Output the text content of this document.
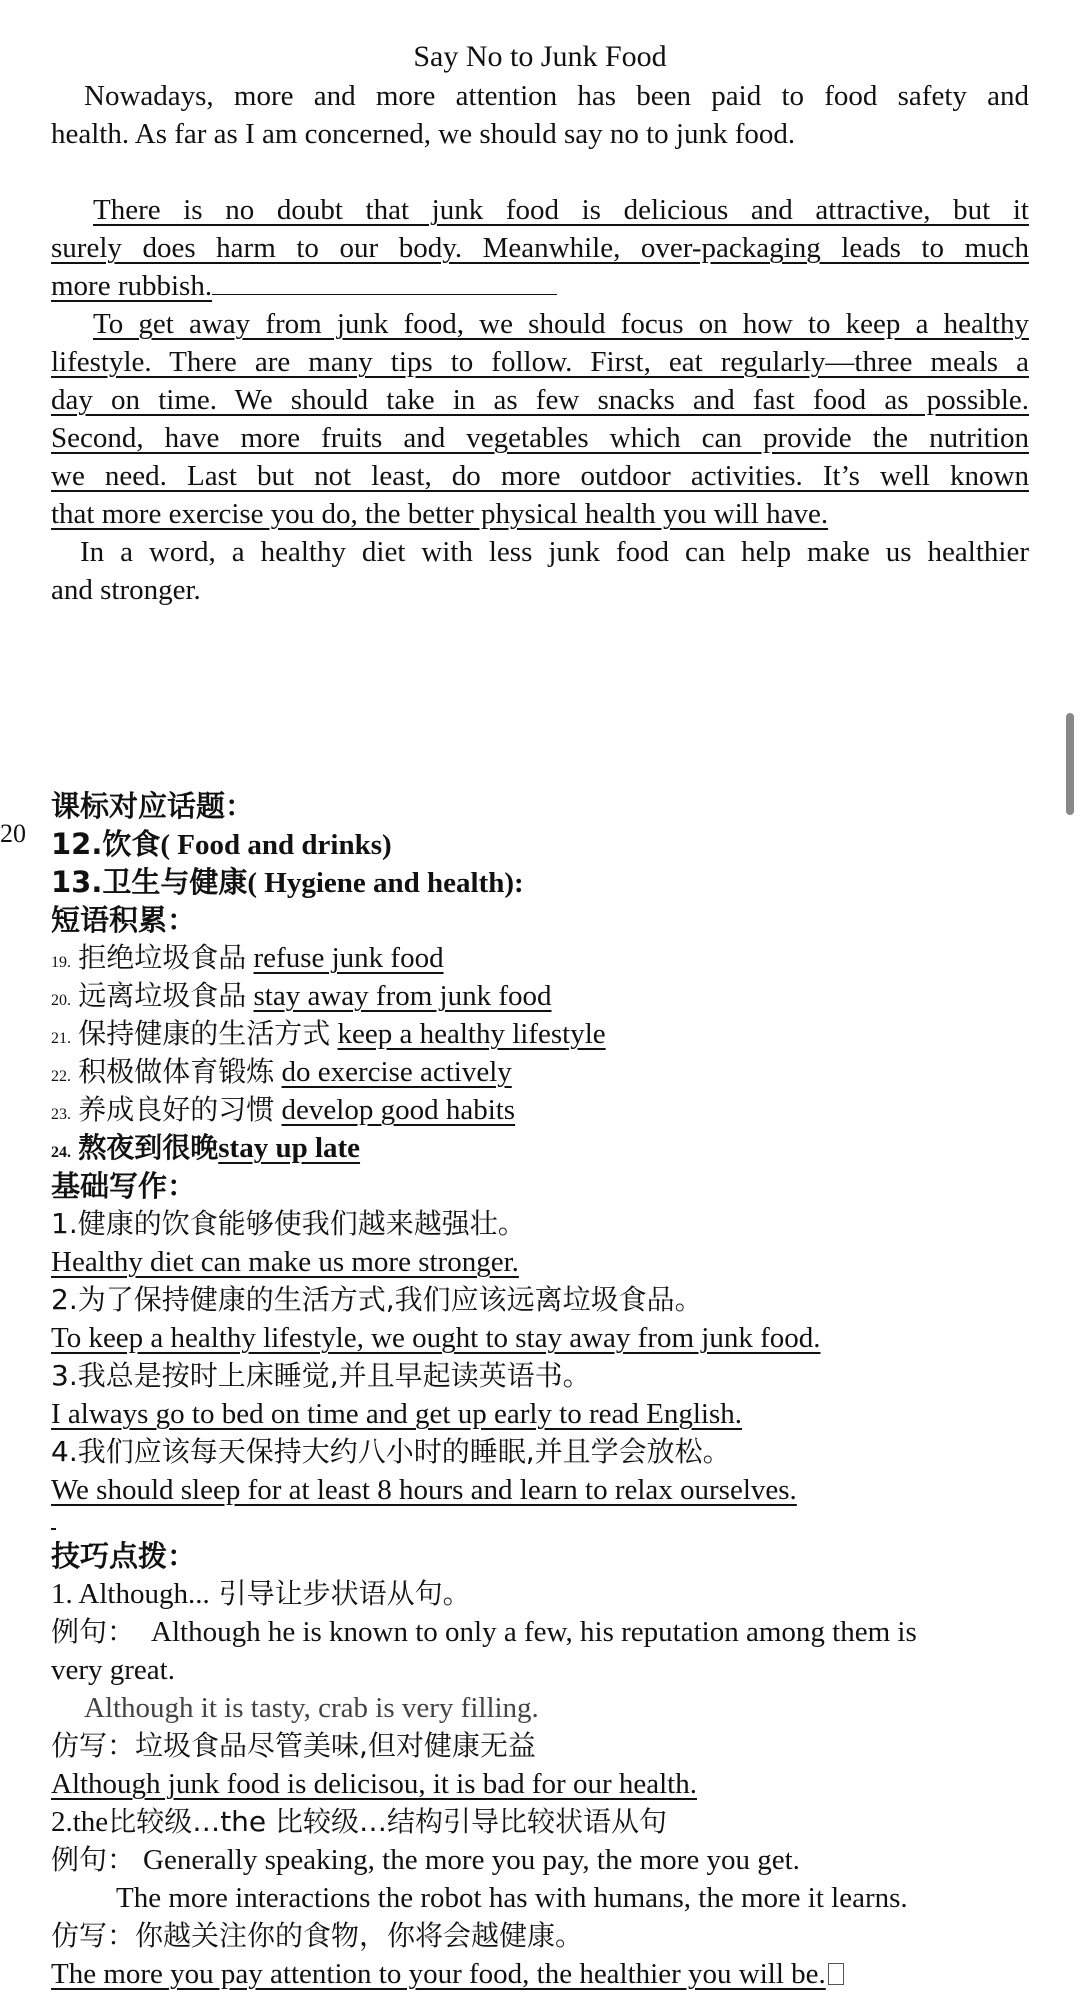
Say No to Junk Food
Nowadays, more and more attention has been paid to food safety and
health. As far as I am concerned, we should say no to junk food.
There is no doubt that junk food is delicious and attractive, but it
surely does harm to our body. Meanwhile, over-packaging leads to much
more rubbish.
To get away from junk food, we should focus on how to keep a healthy
lifestyle. There are many tips to follow. First, eat regularly—three meals a
day on time. We should take in as few snacks and fast food as possible.
Second, have more fruits and vegetables which can provide the nutrition
we need. Last but not least, do more outdoor activities. It’s well known
that more exercise you do, the better physical health you will have.
In a word, a healthy diet with less junk food can help make us healthier
and stronger.
20
课标对应话题：
12.饮食( Food and drinks)
13.卫生与健康( Hygiene and health):
短语积累：
19. 拒绝垃圾食品 refuse junk food
20. 远离垃圾食品 stay away from junk food
21. 保持健康的生活方式 keep a healthy lifestyle
22. 积极做体育锻炼 do exercise actively
23. 养成良好的习惯 develop good habits
24. 熬夜到很晚stay up late
基础写作：
1.健康的饮食能够使我们越来越强壮。
Healthy diet can make us more stronger.
2.为了保持健康的生活方式,我们应该远离垃圾食品。
To keep a healthy lifestyle, we ought to stay away from junk food.
3.我总是按时上床睡觉,并且早起读英语书。
I always go to bed on time and get up early to read English.
4.我们应该每天保持大约八小时的睡眠,并且学会放松。
We should sleep for at least 8 hours and learn to relax ourselves.
技巧点拨：
1. Although... 引导让步状语从句。
例句： Although he is known to only a few, his reputation among them is
very great.
Although it is tasty, crab is very filling.
仿写：垃圾食品尽管美味,但对健康无益
Although junk food is delicisou, it is bad for our health.
2.the比较级…the 比较级…结构引导比较状语从句
例句： Generally speaking, the more you pay, the more you get.
The more interactions the robot has with humans, the more it learns.
仿写：你越关注你的食物，你将会越健康。
The more you pay attention to your food, the healthier you will be.
